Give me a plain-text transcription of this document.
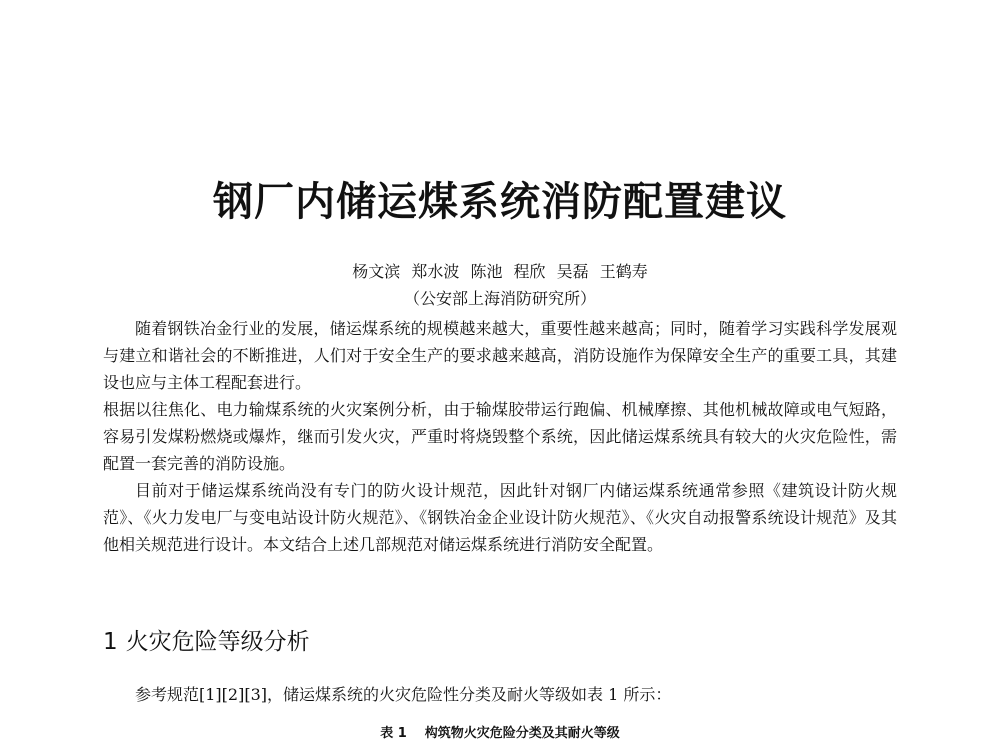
钢厂内储运煤系统消防配置建议
杨文滨 郑水波 陈池 程欣 吴磊 王鹤寿
（公安部上海消防研究所）

随着钢铁冶金行业的发展，储运煤系统的规模越来越大，重要性越来越高；同时，随着学习实践科学发展观与建立和谐社会的不断推进，人们对于安全生产的要求越来越高，消防设施作为保障安全生产的重要工具，其建设也应与主体工程配套进行。

根据以往焦化、电力输煤系统的火灾案例分析，由于输煤胶带运行跑偏、机械摩擦、其他机械故障或电气短路，容易引发煤粉燃烧或爆炸，继而引发火灾，严重时将烧毁整个系统，因此储运煤系统具有较大的火灾危险性，需配置一套完善的消防设施。

目前对于储运煤系统尚没有专门的防火设计规范，因此针对钢厂内储运煤系统通常参照《建筑设计防火规范》、《火力发电厂与变电站设计防火规范》、《钢铁冶金企业设计防火规范》、《火灾自动报警系统设计规范》及其他相关规范进行设计。本文结合上述几部规范对储运煤系统进行消防安全配置。

1 火灾危险等级分析
参考规范[1][2][3]，储运煤系统的火灾危险性分类及耐火等级如表 1 所示：
表 1 构筑物火灾危险分类及其耐火等级
